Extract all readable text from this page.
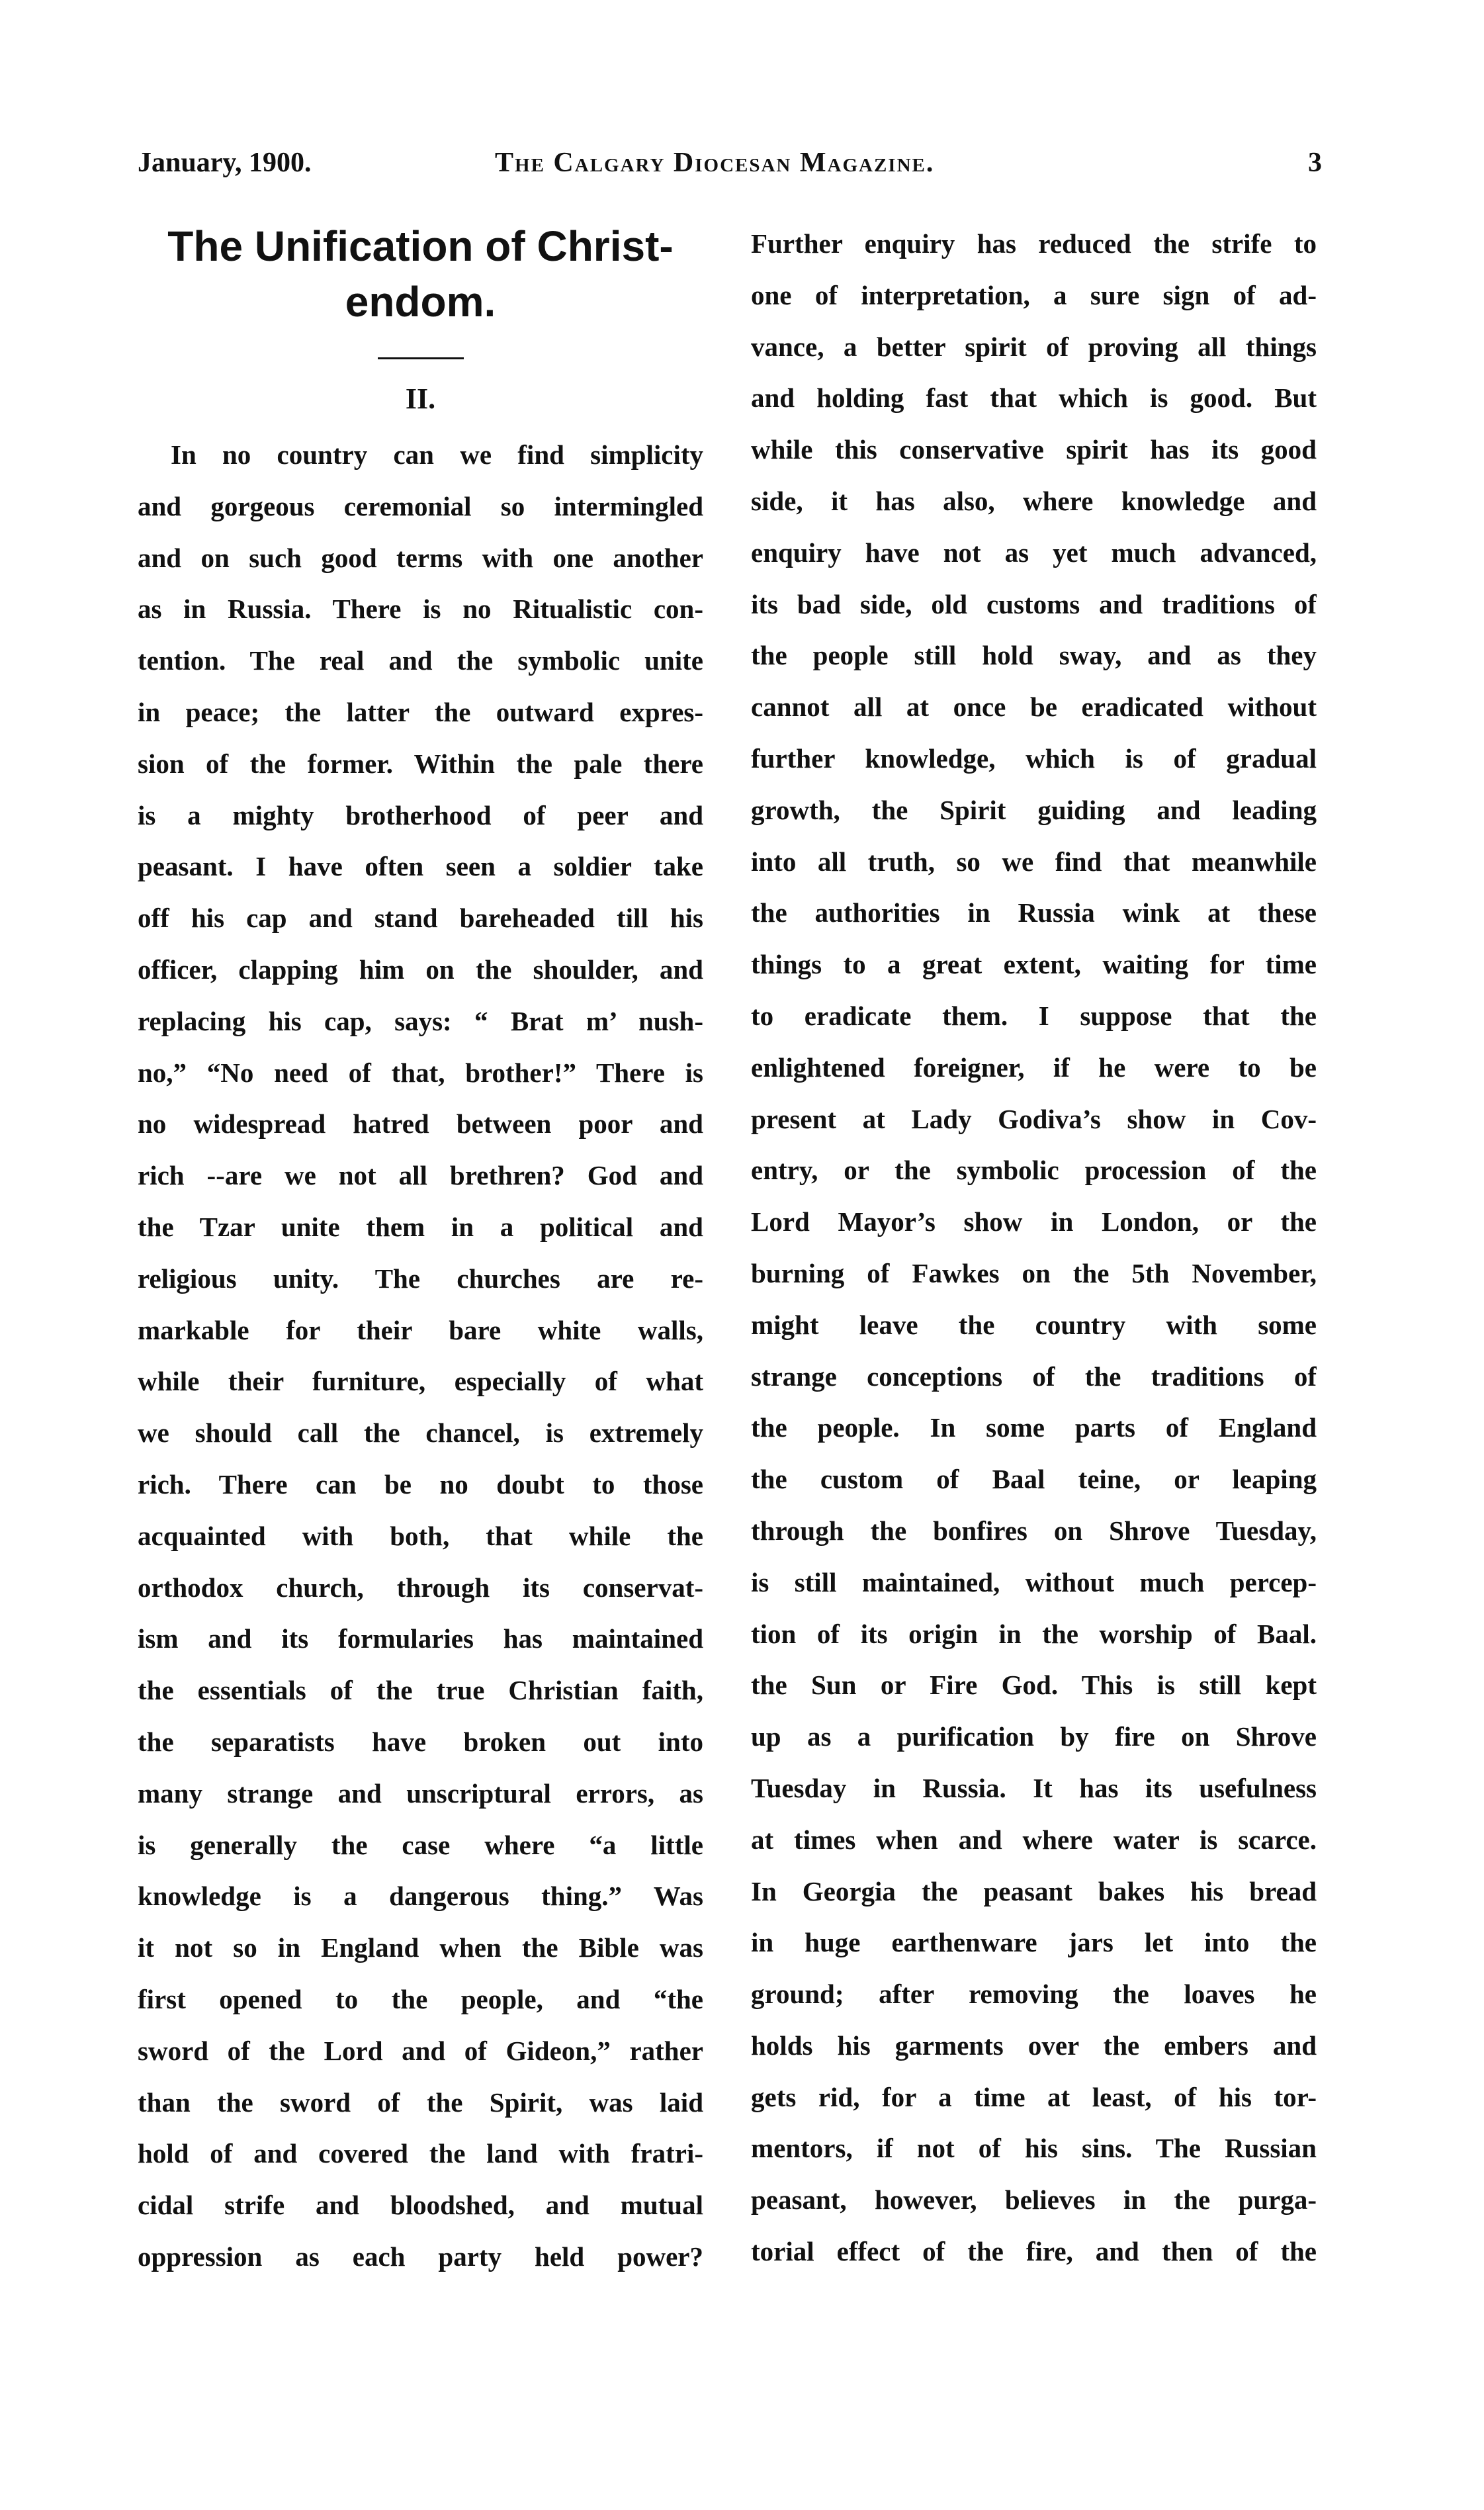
January, 1900.	The Calgary Diocesan Magazine.	3
The Unification of Christ-
endom.
II.
In no country can we find simplicity
and gorgeous ceremonial so intermingled
and on such good terms with one another
as in Russia. There is no Ritualistic con-
tention. The real and the symbolic unite
in peace; the latter the outward expres-
sion of the former. Within the pale there
is a mighty brotherhood of peer and
peasant. I have often seen a soldier take
off his cap and stand bareheaded till his
officer, clapping him on the shoulder, and
replacing his cap, says: “ Brat m’ nush-
no,” “No need of that, brother!” There is
no widespread hatred between poor and
rich --are we not all brethren? God and
the Tzar unite them in a political and
religious unity. The churches are re-
markable for their bare white walls,
while their furniture, especially of what
we should call the chancel, is extremely
rich. There can be no doubt to those
acquainted with both, that while the
orthodox church, through its conservat-
ism and its formularies has maintained
the essentials of the true Christian faith,
the separatists have broken out into
many strange and unscriptural errors, as
is generally the case where “a little
knowledge is a dangerous thing.” Was
it not so in England when the Bible was
first opened to the people, and “the
sword of the Lord and of Gideon,” rather
than the sword of the Spirit, was laid
hold of and covered the land with fratri-
cidal strife and bloodshed, and mutual
oppression as each party held power?
Further enquiry has reduced the strife to
one of interpretation, a sure sign of ad-
vance, a better spirit of proving all things
and holding fast that which is good. But
while this conservative spirit has its good
side, it has also, where knowledge and
enquiry have not as yet much advanced,
its bad side, old customs and traditions of
the people still hold sway, and as they
cannot all at once be eradicated without
further knowledge, which is of gradual
growth, the Spirit guiding and leading
into all truth, so we find that meanwhile
the authorities in Russia wink at these
things to a great extent, waiting for time
to eradicate them. I suppose that the
enlightened foreigner, if he were to be
present at Lady Godiva’s show in Cov-
entry, or the symbolic procession of the
Lord Mayor’s show in London, or the
burning of Fawkes on the 5th November,
might leave the country with some
strange conceptions of the traditions of
the people. In some parts of England
the custom of Baal teine, or leaping
through the bonfires on Shrove Tuesday,
is still maintained, without much percep-
tion of its origin in the worship of Baal.
the Sun or Fire God. This is still kept
up as a purification by fire on Shrove
Tuesday in Russia. It has its usefulness
at times when and where water is scarce.
In Georgia the peasant bakes his bread
in huge earthenware jars let into the
ground; after removing the loaves he
holds his garments over the embers and
gets rid, for a time at least, of his tor-
mentors, if not of his sins. The Russian
peasant, however, believes in the purga-
torial effect of the fire, and then of the
